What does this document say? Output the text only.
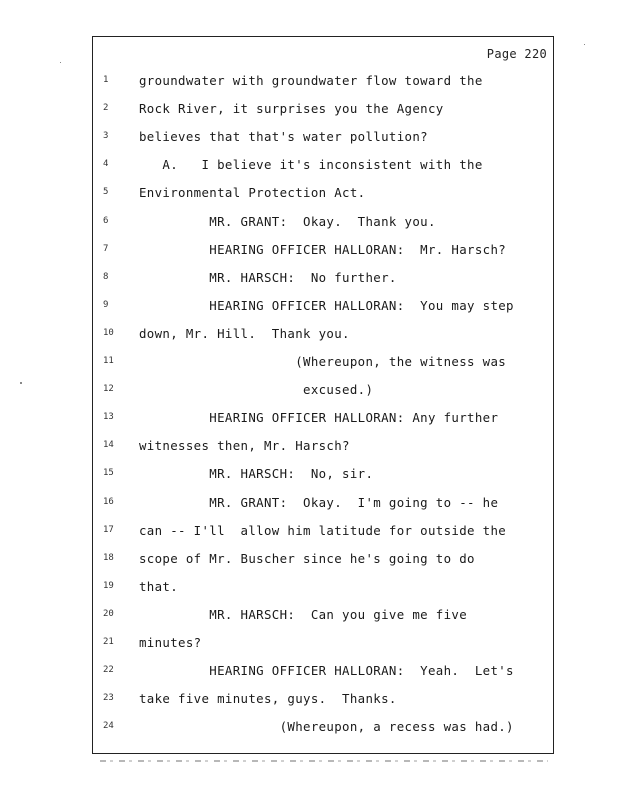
Page 220
1	groundwater with groundwater flow toward the
2	Rock River, it surprises you the Agency
3	believes that that's water pollution?
4	A.   I believe it's inconsistent with the
5	Environmental Protection Act.
6	MR. GRANT:  Okay.  Thank you.
7	HEARING OFFICER HALLORAN:  Mr. Harsch?
8	MR. HARSCH:  No further.
9	HEARING OFFICER HALLORAN:  You may step
10	down, Mr. Hill.  Thank you.
11	(Whereupon, the witness was
12	excused.)
13	HEARING OFFICER HALLORAN: Any further
14	witnesses then, Mr. Harsch?
15	MR. HARSCH:  No, sir.
16	MR. GRANT:  Okay.  I'm going to -- he
17	can -- I'll  allow him latitude for outside the
18	scope of Mr. Buscher since he's going to do
19	that.
20	MR. HARSCH:  Can you give me five
21	minutes?
22	HEARING OFFICER HALLORAN:  Yeah.  Let's
23	take five minutes, guys.  Thanks.
24	(Whereupon, a recess was had.)
